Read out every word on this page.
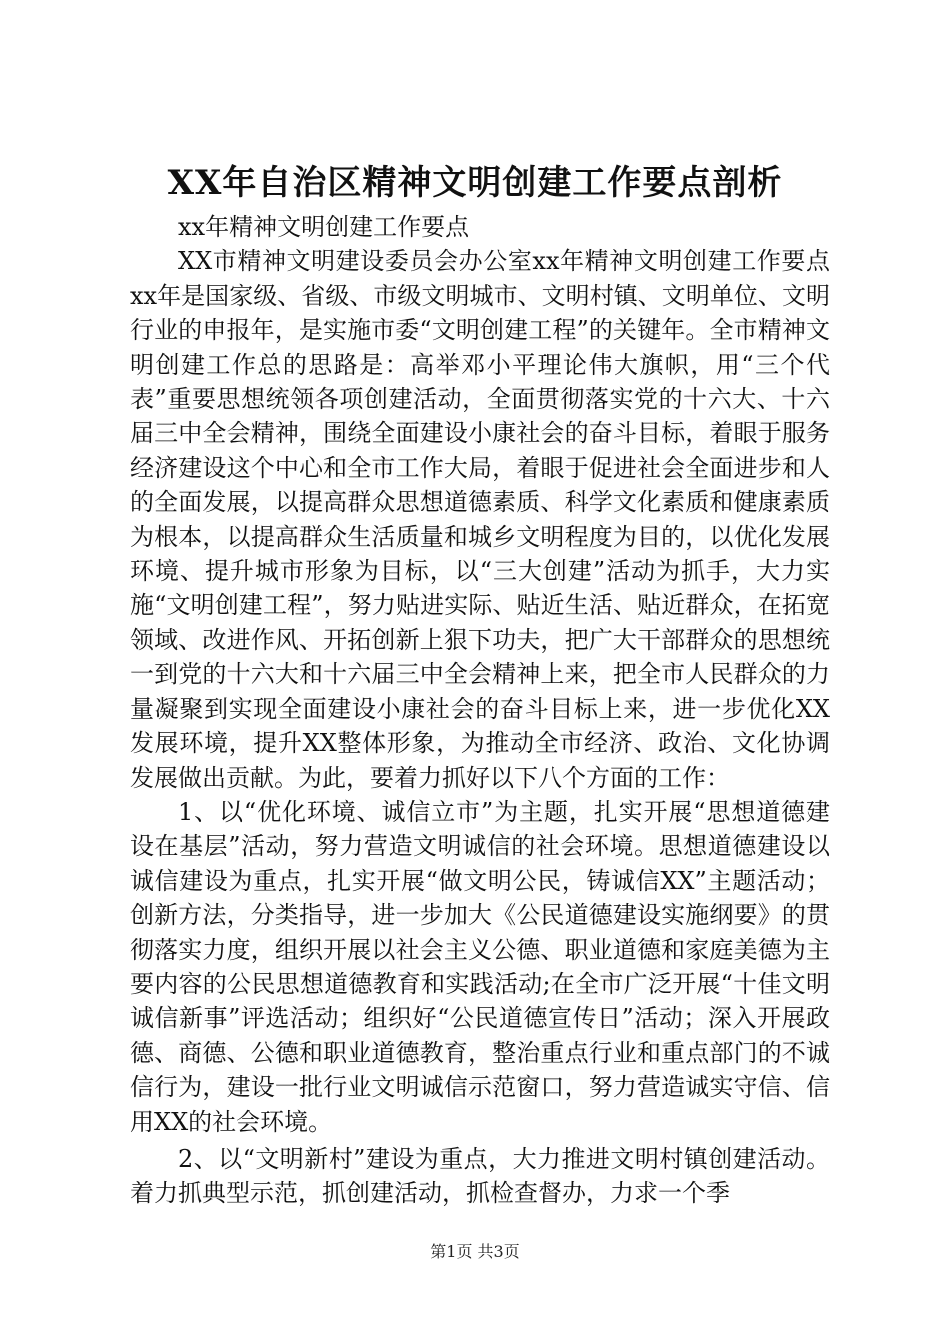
XX年自治区精神文明创建工作要点剖析

xx年精神文明创建工作要点

XX市精神文明建设委员会办公室xx年精神文明创建工作要点xx年是国家级、省级、市级文明城市、文明村镇、文明单位、文明行业的申报年，是实施市委“文明创建工程”的关键年。全市精神文明创建工作总的思路是：高举邓小平理论伟大旗帜，用“三个代表”重要思想统领各项创建活动，全面贯彻落实党的十六大、十六届三中全会精神，围绕全面建设小康社会的奋斗目标，着眼于服务经济建设这个中心和全市工作大局，着眼于促进社会全面进步和人的全面发展，以提高群众思想道德素质、科学文化素质和健康素质为根本，以提高群众生活质量和城乡文明程度为目的，以优化发展环境、提升城市形象为目标，以“三大创建”活动为抓手，大力实施“文明创建工程”，努力贴进实际、贴近生活、贴近群众，在拓宽领域、改进作风、开拓创新上狠下功夫，把广大干部群众的思想统一到党的十六大和十六届三中全会精神上来，把全市人民群众的力量凝聚到实现全面建设小康社会的奋斗目标上来，进一步优化XX发展环境，提升XX整体形象，为推动全市经济、政治、文化协调发展做出贡献。为此，要着力抓好以下八个方面的工作：

1、以“优化环境、诚信立市”为主题，扎实开展“思想道德建设在基层”活动，努力营造文明诚信的社会环境。思想道德建设以诚信建设为重点，扎实开展“做文明公民，铸诚信XX”主题活动；创新方法，分类指导，进一步加大《公民道德建设实施纲要》的贯彻落实力度，组织开展以社会主义公德、职业道德和家庭美德为主要内容的公民思想道德教育和实践活动;在全市广泛开展“十佳文明诚信新事”评选活动；组织好“公民道德宣传日”活动；深入开展政德、商德、公德和职业道德教育，整治重点行业和重点部门的不诚信行为，建设一批行业文明诚信示范窗口，努力营造诚实守信、信用XX的社会环境。

2、以“文明新村”建设为重点，大力推进文明村镇创建活动。着力抓典型示范，抓创建活动，抓检查督办，力求一个季

第1页 共3页
